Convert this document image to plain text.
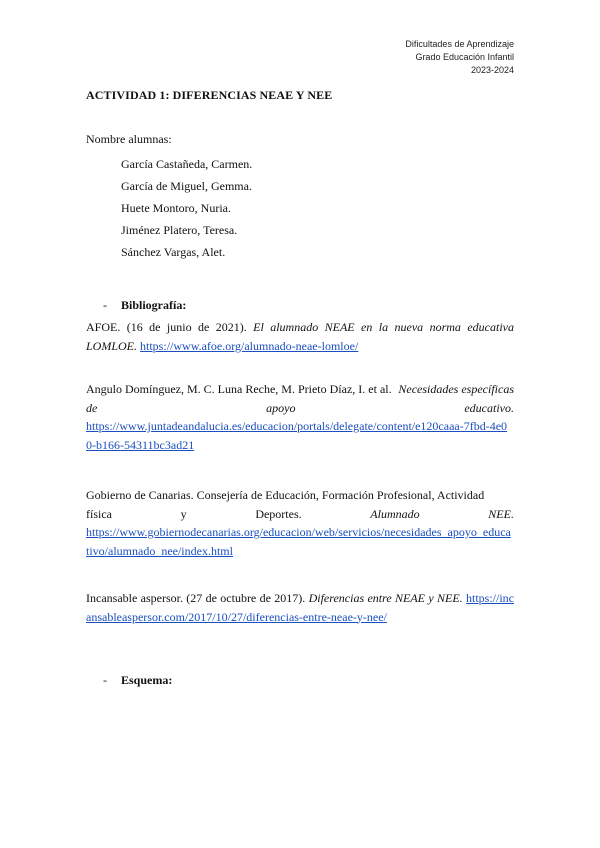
Dificultades de Aprendizaje
Grado Educación Infantil
2023-2024
ACTIVIDAD 1: DIFERENCIAS NEAE Y NEE
Nombre alumnas:
García Castañeda, Carmen.
García de Miguel, Gemma.
Huete Montoro, Nuria.
Jiménez Platero, Teresa.
Sánchez Vargas, Alet.
- Bibliografía:
AFOE. (16 de junio de 2021). El alumnado NEAE en la nueva norma educativa LOMLOE. https://www.afoe.org/alumnado-neae-lomloe/
Angulo Domínguez, M. C. Luna Reche, M. Prieto Díaz, I. et al. Necesidades específicas
de	apoyo	educativo.
https://www.juntadeandalucia.es/educacion/portals/delegate/content/e120caaa-7fbd-4e0
0-b166-54311bc3ad21
Gobierno de Canarias. Consejería de Educación, Formación Profesional, Actividad
física	y	Deportes.	Alumnado	NEE.
https://www.gobiernodecanarias.org/educacion/web/servicios/necesidades_apoyo_educa
tivo/alumnado_nee/index.html
Incansable aspersor. (27 de octubre de 2017). Diferencias entre NEAE y NEE. https://incansableaspersor.com/2017/10/27/diferencias-entre-neae-y-nee/
- Esquema:
